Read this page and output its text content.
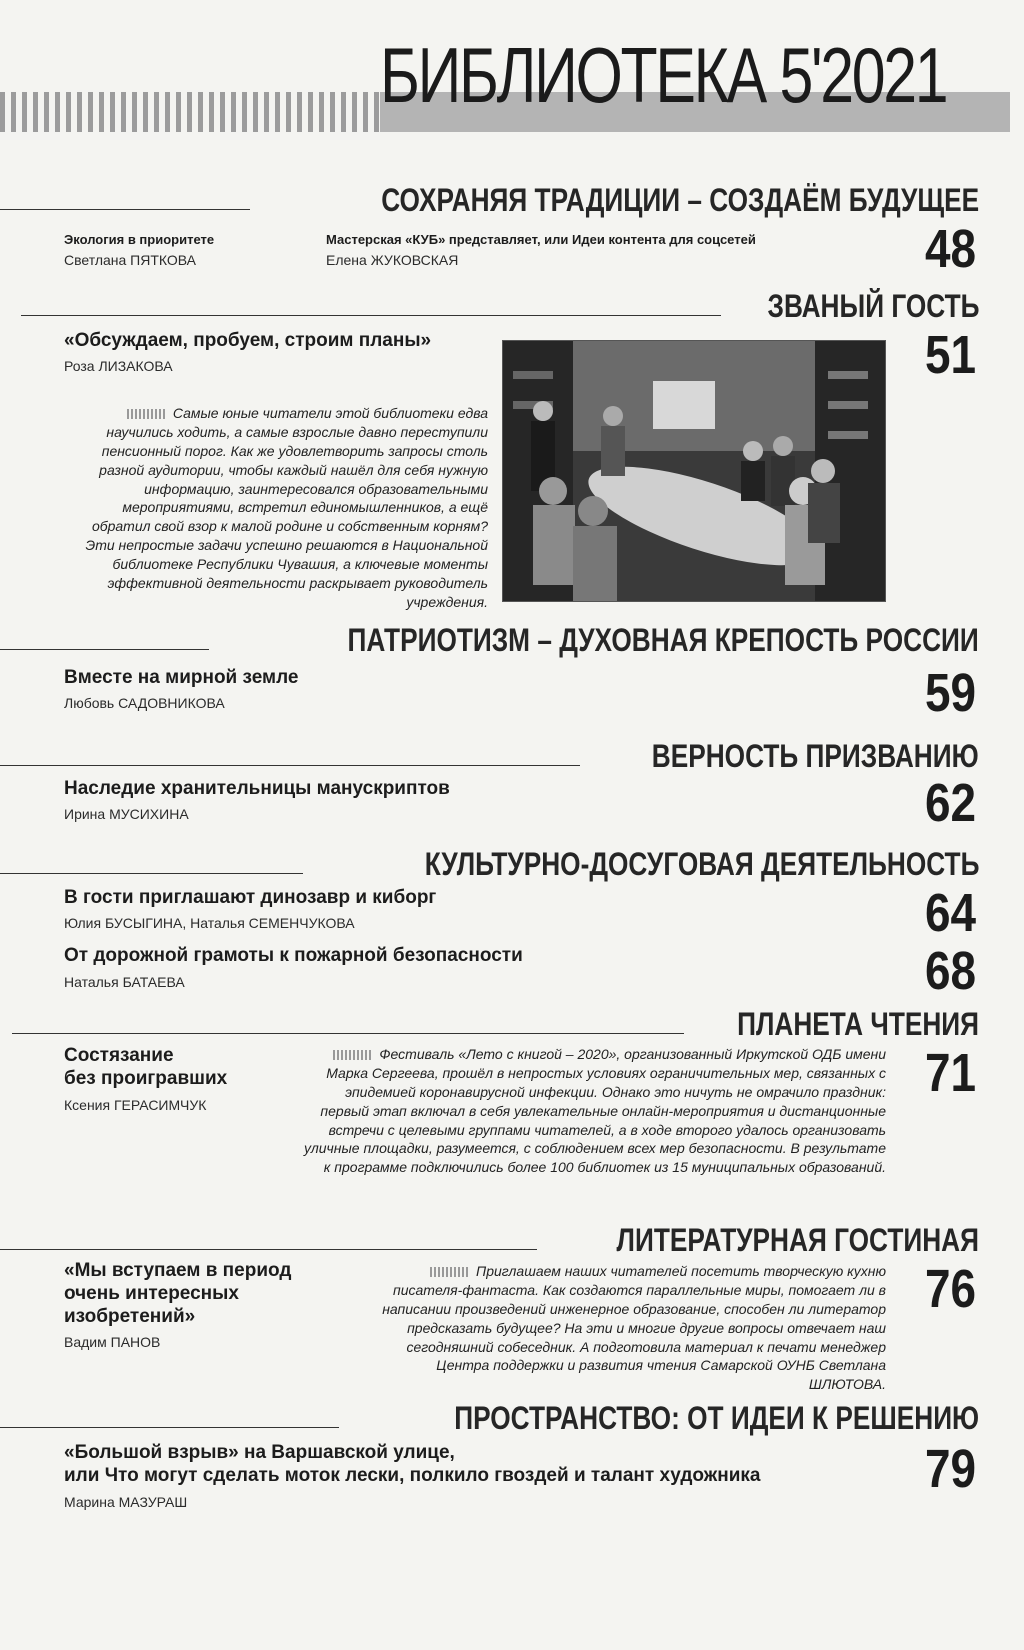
БИБЛИОТЕКА 5'2021
СОХРАНЯЯ ТРАДИЦИИ – СОЗДАЁМ БУДУЩЕЕ
Экология в приоритете
Светлана ПЯТКОВА
Мастерская «КУБ» представляет, или Идеи контента для соцсетей
Елена ЖУКОВСКАЯ	48
ЗВАНЫЙ ГОСТЬ
«Обсуждаем, пробуем, строим планы»
Роза ЛИЗАКОВА	51
Самые юные читатели этой библиотеки едва научились ходить, а самые взрослые давно переступили пенсионный порог. Как же удовлетворить запросы столь разной аудитории, чтобы каждый нашёл для себя нужную информацию, заинтересовался образовательными мероприятиями, встретил единомышленников, а ещё обратил свой взор к малой родине и собственным корням? Эти непростые задачи успешно решаются в Национальной библиотеке Республики Чувашия, а ключевые моменты эффективной деятельности раскрывает руководитель учреждения.
ПАТРИОТИЗМ – ДУХОВНАЯ КРЕПОСТЬ РОССИИ
Вместе на мирной земле
Любовь САДОВНИКОВА	59
ВЕРНОСТЬ ПРИЗВАНИЮ
Наследие хранительницы манускриптов
Ирина МУСИХИНА	62
КУЛЬТУРНО-ДОСУГОВАЯ ДЕЯТЕЛЬНОСТЬ
В гости приглашают динозавр и киборг
Юлия БУСЫГИНА, Наталья СЕМЕНЧУКОВА	64
От дорожной грамоты к пожарной безопасности
Наталья БАТАЕВА	68
ПЛАНЕТА ЧТЕНИЯ
Состязание
без проигравших
Ксения ГЕРАСИМЧУК
71
Фестиваль «Лето с книгой – 2020», организованный Иркутской ОДБ имени Марка Сергеева, прошёл в непростых условиях ограничительных мер, связанных с эпидемией коронавирусной инфекции. Однако это ничуть не омрачило праздник: первый этап включал в себя увлекательные онлайн-мероприятия и дистанционные встречи с целевыми группами читателей, а в ходе второго удалось организовать уличные площадки, разумеется, с соблюдением всех мер безопасности. В результате к программе подключились более 100 библиотек из 15 муниципальных образований.
ЛИТЕРАТУРНАЯ ГОСТИНАЯ
«Мы вступаем в период
очень интересных
изобретений»
Вадим ПАНОВ
76
Приглашаем наших читателей посетить творческую кухню писателя-фантаста. Как создаются параллельные миры, помогает ли в написании произведений инженерное образование, способен ли литератор предсказать будущее? На эти и многие другие вопросы отвечает наш сегодняшний собеседник. А подготовила материал к печати менеджер Центра поддержки и развития чтения Самарской ОУНБ Светлана ШЛЮТОВА.
ПРОСТРАНСТВО: ОТ ИДЕИ К РЕШЕНИЮ
«Большой взрыв» на Варшавской улице,
или Что могут сделать моток лески, полкило гвоздей и талант художника
Марина МАЗУРАШ
79
